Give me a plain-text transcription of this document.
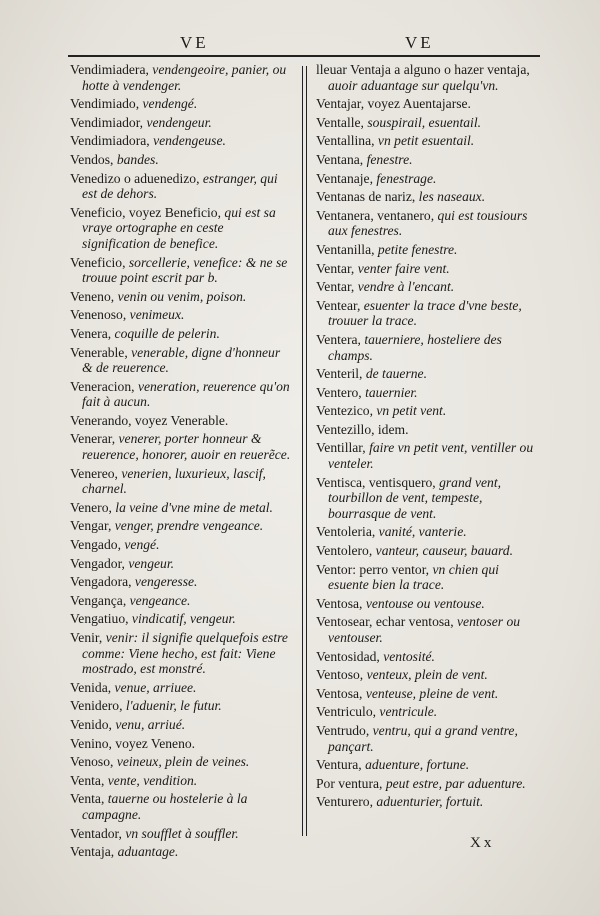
VE	VE
Vendimiadera, vendengeoire, panier, ou hotte à vendenger.
Vendimiado, vendengé.
Vendimiador, vendengeur.
Vendimiadora, vendengeuse.
Vendos, bandes.
Venedizo o aduenedizo, estranger, qui est de dehors.
Veneficio, voyez Beneficio, qui est sa vraye ortographe en ceste signification de benefice.
Veneficio, sorcellerie, venefice: & ne se trouue point escrit par b.
Veneno, venin ou venim, poison.
Venenoso, venimeux.
Venera, coquille de pelerin.
Venerable, venerable, digne d'honneur & de reuerence.
Veneracion, veneration, reuerence qu'on fait à aucun.
Venerando, voyez Venerable.
Venerar, venerer, porter honneur & reuerence, honorer, auoir en reuerẽce.
Venereo, venerien, luxurieux, lascif, charnel.
Venero, la veine d'vne mine de metal.
Vengar, venger, prendre vengeance.
Vengado, vengé.
Vengador, vengeur.
Vengadora, vengeresse.
Vengança, vengeance.
Vengatiuo, vindicatif, vengeur.
Venir, venir: il signifie quelquefois estre comme: Viene hecho, est fait: Viene mostrado, est monstré.
Venida, venue, arriuee.
Venidero, l'aduenir, le futur.
Venido, venu, arriué.
Venino, voyez Veneno.
Venoso, veineux, plein de veines.
Venta, vente, vendition.
Venta, tauerne ou hostelerie à la campagne.
Ventador, vn soufflet à souffler.
Ventaja, aduantage.
lleuar Ventaja a alguno o hazer ventaja, auoir aduantage sur quelqu'vn.
Ventajar, voyez Auentajarse.
Ventalle, souspirail, esuentail.
Ventallina, vn petit esuentail.
Ventana, fenestre.
Ventanaje, fenestrage.
Ventanas de nariz, les naseaux.
Ventanera, ventanero, qui est tousiours aux fenestres.
Ventanilla, petite fenestre.
Ventar, venter faire vent.
Ventar, vendre à l'encant.
Ventear, esuenter la trace d'vne beste, trouuer la trace.
Ventera, tauerniere, hosteliere des champs.
Venteril, de tauerne.
Ventero, tauernier.
Ventezico, vn petit vent.
Ventezillo, idem.
Ventillar, faire vn petit vent, ventiller ou venteler.
Ventisca, ventisquero, grand vent, tourbillon de vent, tempeste, bourrasque de vent.
Ventoleria, vanité, vanterie.
Ventolero, vanteur, causeur, bauard.
Ventor: perro ventor, vn chien qui esuente bien la trace.
Ventosa, ventouse ou ventouse.
Ventosear, echar ventosa, ventoser ou ventouser.
Ventosidad, ventosité.
Ventoso, venteux, plein de vent.
Ventosa, venteuse, pleine de vent.
Ventriculo, ventricule.
Ventrudo, ventru, qui a grand ventre, pançart.
Ventura, aduenture, fortune.
Por ventura, peut estre, par aduenture.
Venturero, aduenturier, fortuit.
Xx
